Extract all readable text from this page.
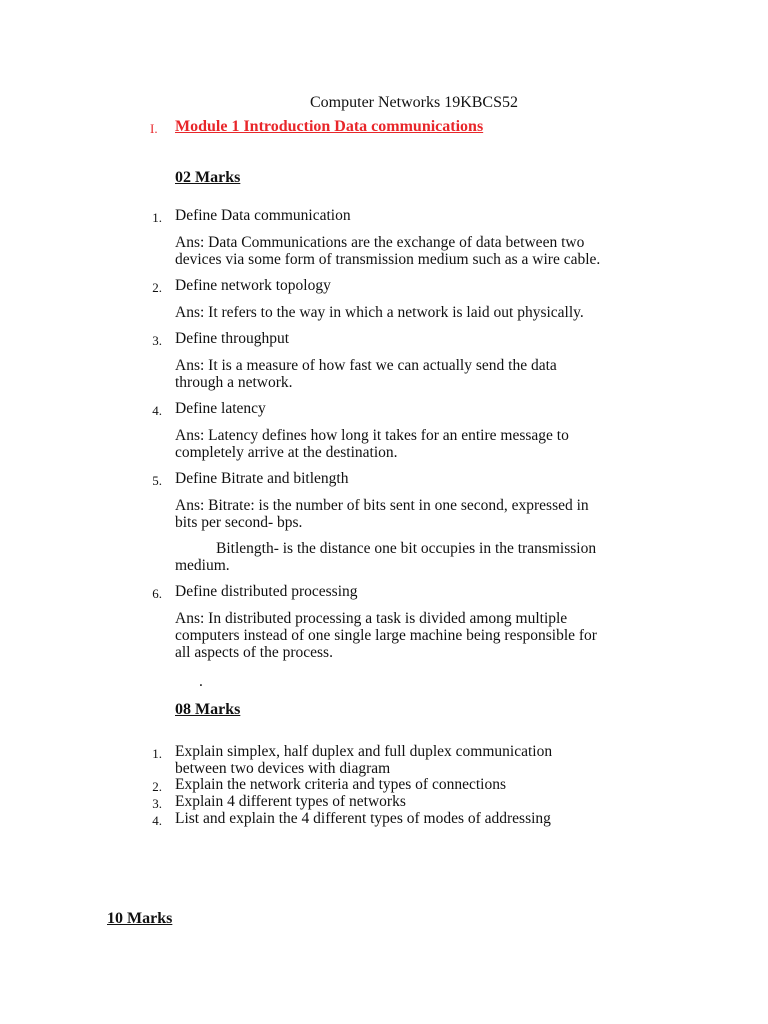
Computer Networks 19KBCS52
I. Module 1 Introduction Data communications
02 Marks
1. Define Data communication
Ans: Data Communications are the exchange of data between two
devices via some form of transmission medium such as a wire cable.
2. Define network topology
Ans: It refers to the way in which a network is laid out physically.
3. Define throughput
Ans: It is a measure of how fast we can actually send the data
through a network.
4. Define latency
Ans: Latency defines how long it takes for an entire message to
completely arrive at the destination.
5. Define Bitrate and bitlength
Ans: Bitrate: is the number of bits sent in one second, expressed in
bits per second- bps.
Bitlength- is the distance one bit occupies in the transmission
medium.
6. Define distributed processing
Ans: In distributed processing a task is divided among multiple
computers instead of one single large machine being responsible for
all aspects of the process.
.
08 Marks
1. Explain simplex, half duplex and full duplex communication
between two devices with diagram
2. Explain the network criteria and types of connections
3. Explain 4 different types of networks
4. List and explain the 4 different types of modes of addressing
10 Marks
